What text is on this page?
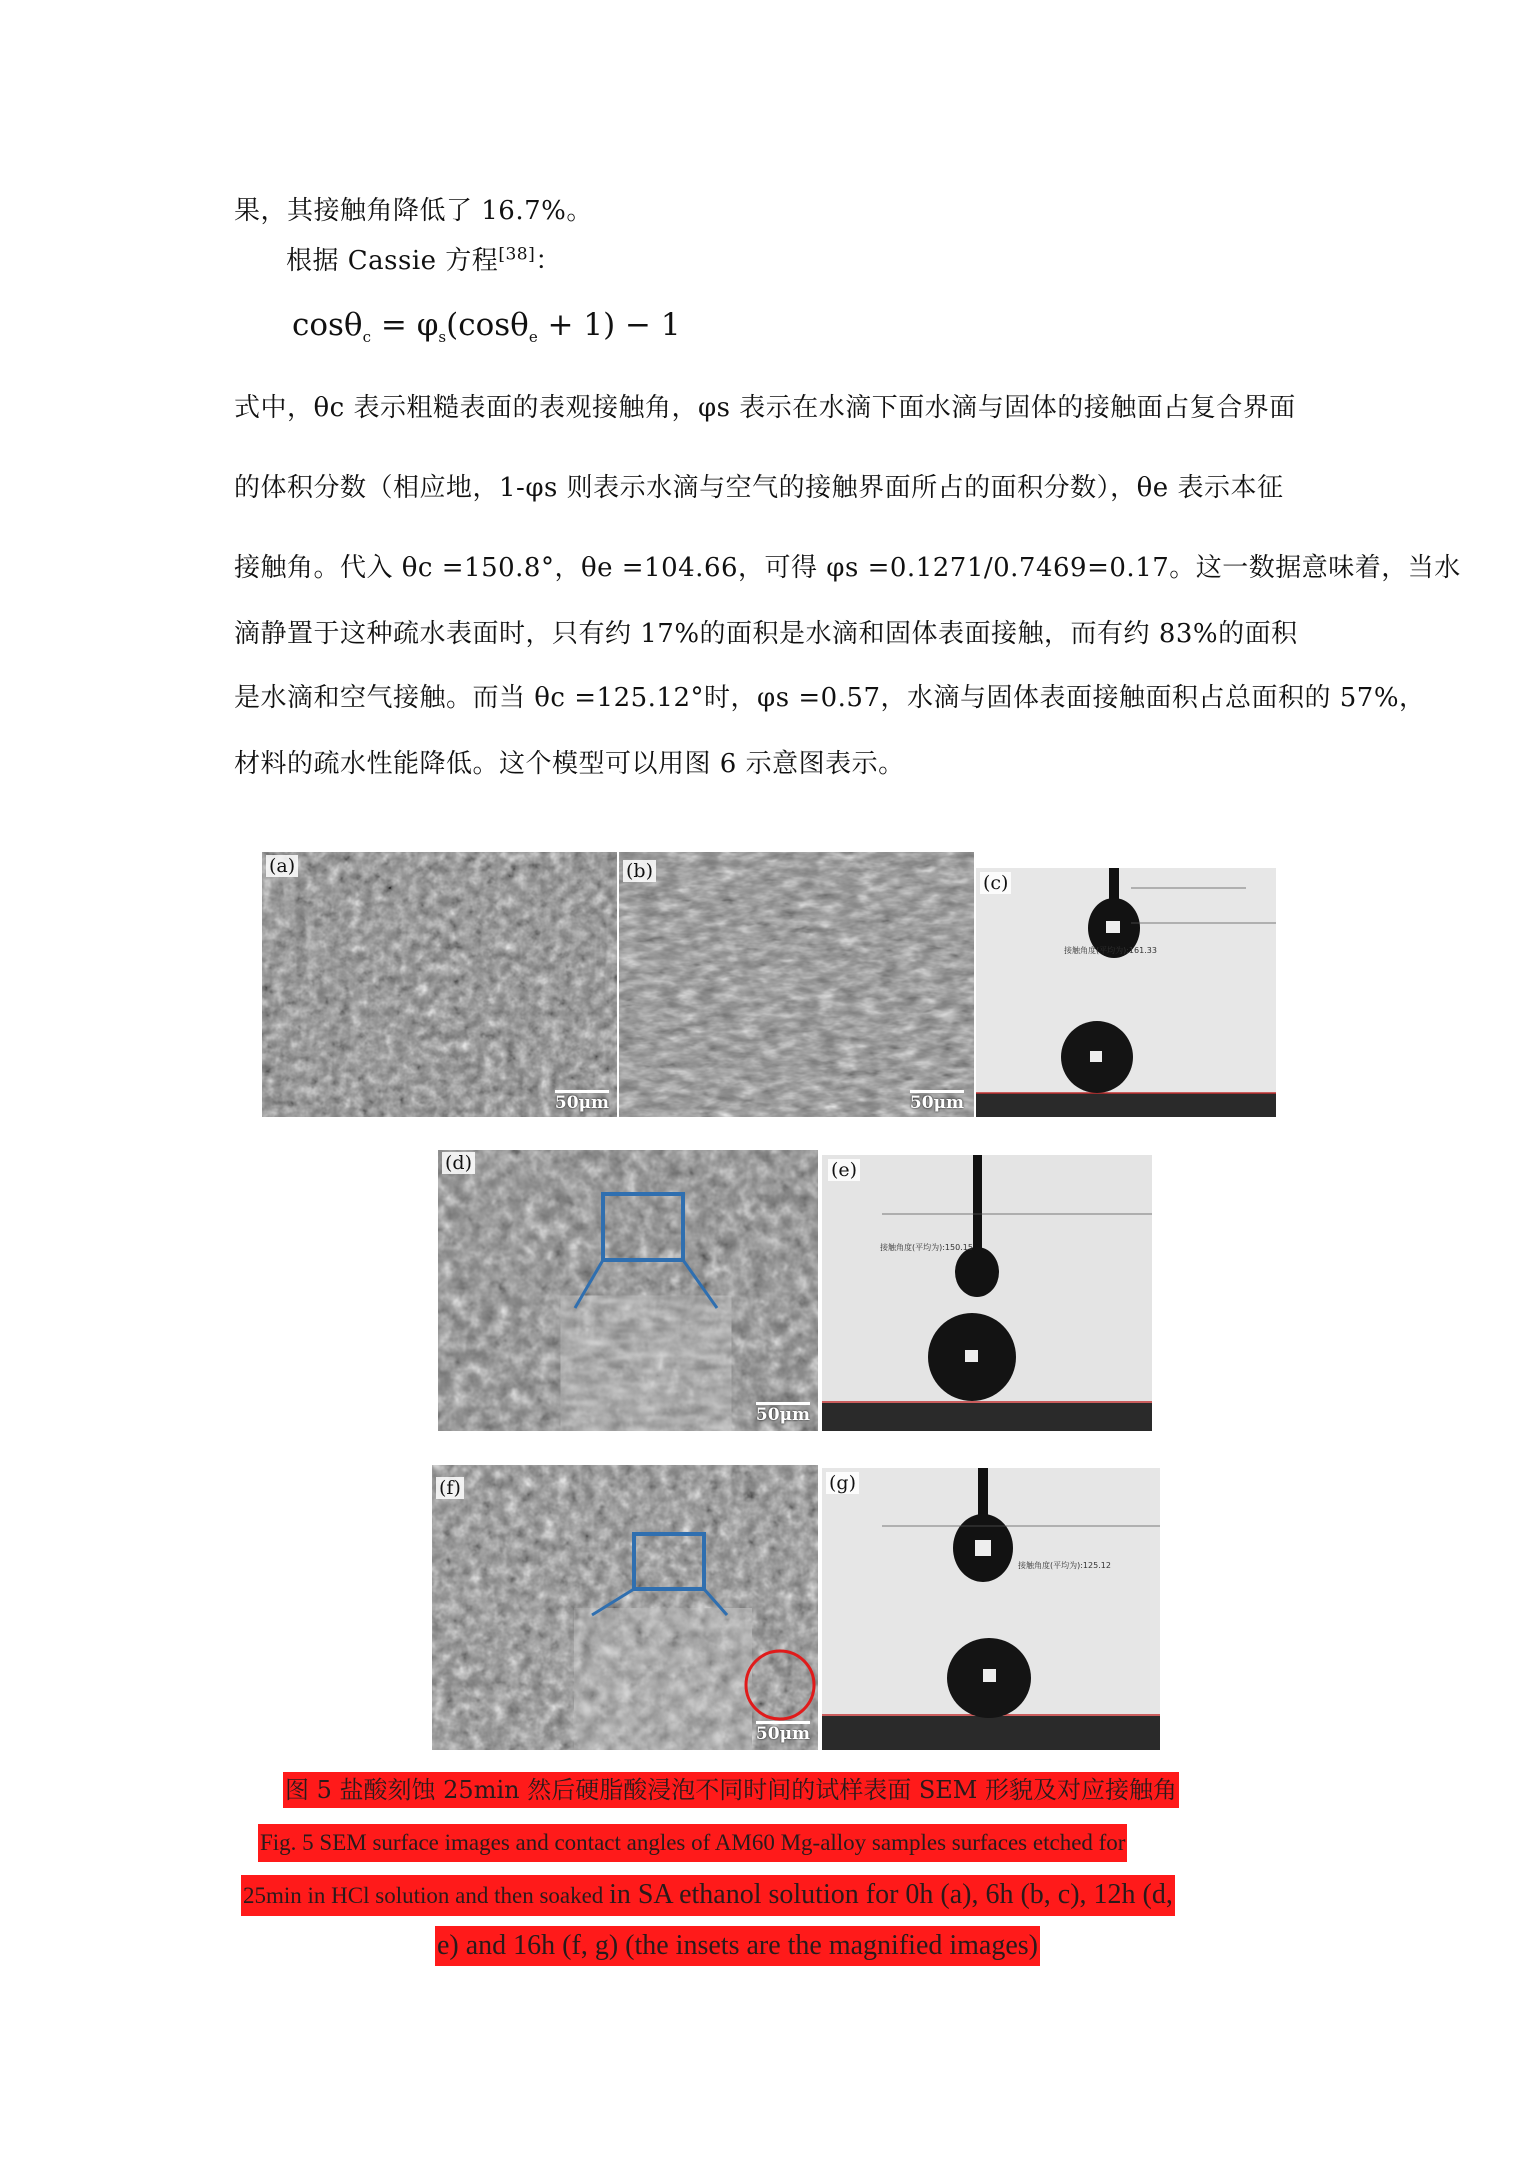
果，其接触角降低了 16.7%。
根据 Cassie 方程[38]：
$\cos\theta_c = \varphi_s(\cos\theta_e + 1) - 1$
式中，θc 表示粗糙表面的表观接触角，φs 表示在水滴下面水滴与固体的接触面占复合界面
的体积分数（相应地，1-φs 则表示水滴与空气的接触界面所占的面积分数），θe 表示本征
接触角。代入 θc =150.8°，θe =104.66，可得 φs =0.1271/0.7469=0.17。这一数据意味着，当水
滴静置于这种疏水表面时，只有约 17%的面积是水滴和固体表面接触，而有约 83%的面积
是水滴和空气接触。而当 θc =125.12°时，φs =0.57，水滴与固体表面接触面积占总面积的 57%，
材料的疏水性能降低。这个模型可以用图 6 示意图表示。
(a)
50μm
(b)
50μm
(c)
接触角度(平均为):161.33
(d)
50μm
(e)
接触角度(平均为):150.15
(f)
50μm
(g)
接触角度(平均为):125.12
图 5 盐酸刻蚀 25min 然后硬脂酸浸泡不同时间的试样表面 SEM 形貌及对应接触角
Fig. 5 SEM surface images and contact angles of AM60 Mg-alloy samples surfaces etched for
25min in HCl solution and then soaked in SA ethanol solution for 0h (a), 6h (b, c), 12h (d,
e) and 16h (f, g) (the insets are the magnified images)
